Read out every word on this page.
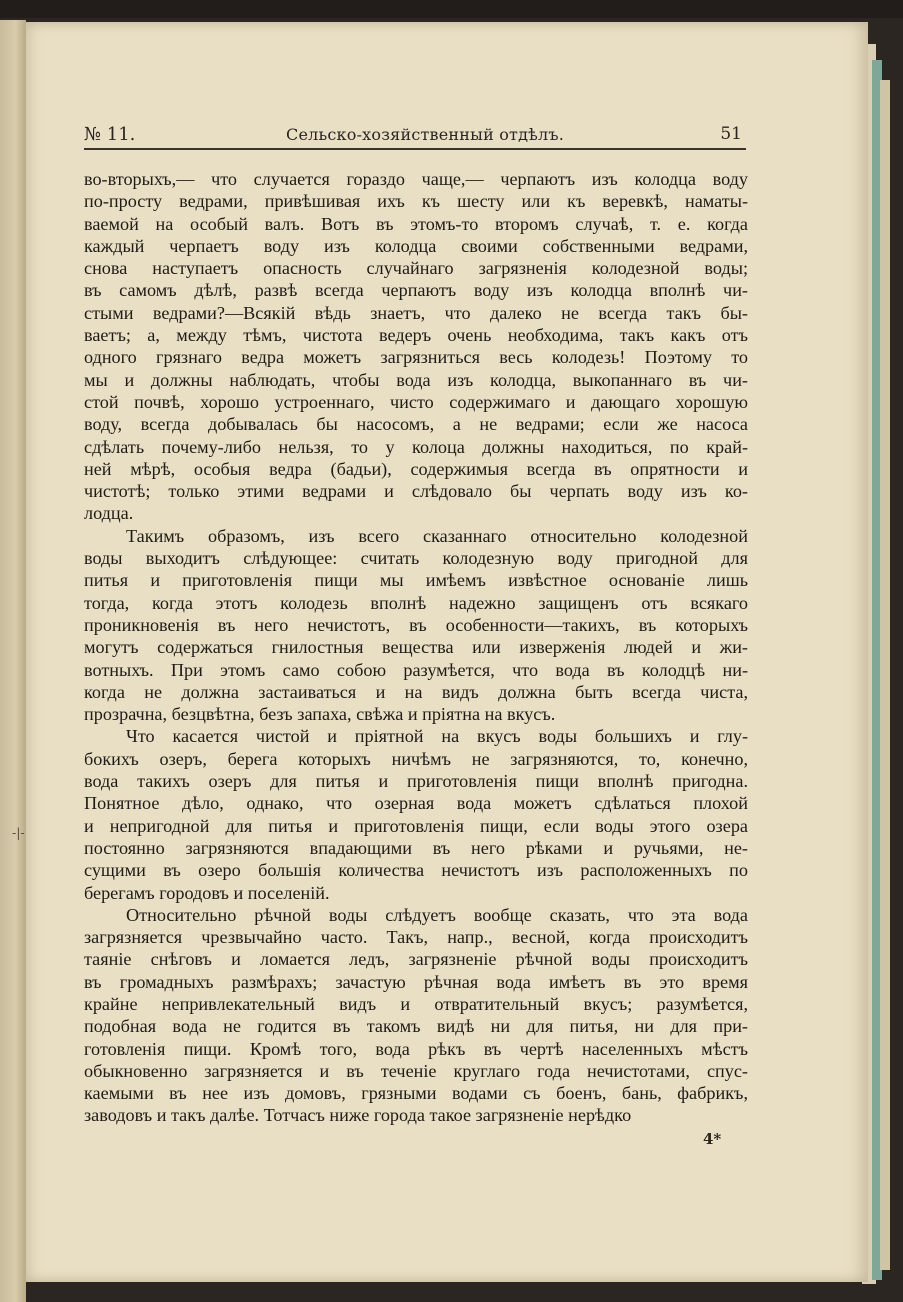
-|-
№ 11.	Сельско-хозяйственный отдѣлъ.	51
во-вторыхъ,— что случается гораздо чаще,— черпаютъ изъ колодца воду
по-просту ведрами, привѣшивая ихъ къ шесту или къ веревкѣ, наматы-
ваемой на особый валъ. Вотъ въ этомъ-то второмъ случаѣ, т. е. когда
каждый черпаетъ воду изъ колодца своими собственными ведрами,
снова наступаетъ опасность случайнаго загрязненія колодезной воды;
въ самомъ дѣлѣ, развѣ всегда черпаютъ воду изъ колодца вполнѣ чи-
стыми ведрами?—Всякій вѣдь знаетъ, что далеко не всегда такъ бы-
ваетъ; а, между тѣмъ, чистота ведеръ очень необходима, такъ какъ отъ
одного грязнаго ведра можетъ загрязниться весь колодезь! Поэтому то
мы и должны наблюдать, чтобы вода изъ колодца, выкопаннаго въ чи-
стой почвѣ, хорошо устроеннаго, чисто содержимаго и дающаго хорошую
воду, всегда добывалась бы насосомъ, а не ведрами; если же насоса
сдѣлать почему-либо нельзя, то у колоца должны находиться, по край-
ней мѣрѣ, особыя ведра (бадьи), содержимыя всегда въ опрятности и
чистотѣ; только этими ведрами и слѣдовало бы черпать воду изъ ко-
лодца.
Такимъ образомъ, изъ всего сказаннаго относительно колодезной
воды выходитъ слѣдующее: считать колодезную воду пригодной для
питья и приготовленія пищи мы имѣемъ извѣстное основаніе лишь
тогда, когда этотъ колодезь вполнѣ надежно защищенъ отъ всякаго
проникновенія въ него нечистотъ, въ особенности—такихъ, въ которыхъ
могутъ содержаться гнилостныя вещества или изверженія людей и жи-
вотныхъ. При этомъ само собою разумѣется, что вода въ колодцѣ ни-
когда не должна застаиваться и на видъ должна быть всегда чиста,
прозрачна, безцвѣтна, безъ запаха, свѣжа и пріятна на вкусъ.
Что касается чистой и пріятной на вкусъ воды большихъ и глу-
бокихъ озеръ, берега которыхъ ничѣмъ не загрязняются, то, конечно,
вода такихъ озеръ для питья и приготовленія пищи вполнѣ пригодна.
Понятное дѣло, однако, что озерная вода можетъ сдѣлаться плохой
и непригодной для питья и приготовленія пищи, если воды этого озера
постоянно загрязняются впадающими въ него рѣками и ручьями, не-
сущими въ озеро большія количества нечистотъ изъ расположенныхъ по
берегамъ городовъ и поселеній.
Относительно рѣчной воды слѣдуетъ вообще сказать, что эта вода
загрязняется чрезвычайно часто. Такъ, напр., весной, когда происходитъ
таяніе снѣговъ и ломается ледъ, загрязненіе рѣчной воды происходитъ
въ громадныхъ размѣрахъ; зачастую рѣчная вода имѣетъ въ это время
крайне непривлекательный видъ и отвратительный вкусъ; разумѣется,
подобная вода не годится въ такомъ видѣ ни для питья, ни для при-
готовленія пищи. Кромѣ того, вода рѣкъ въ чертѣ населенныхъ мѣстъ
обыкновенно загрязняется и въ теченіе круглаго года нечистотами, спус-
каемыми въ нее изъ домовъ, грязными водами съ боенъ, бань, фабрикъ,
заводовъ и такъ далѣе. Тотчасъ ниже города такое загрязненіе нерѣдко
4*
